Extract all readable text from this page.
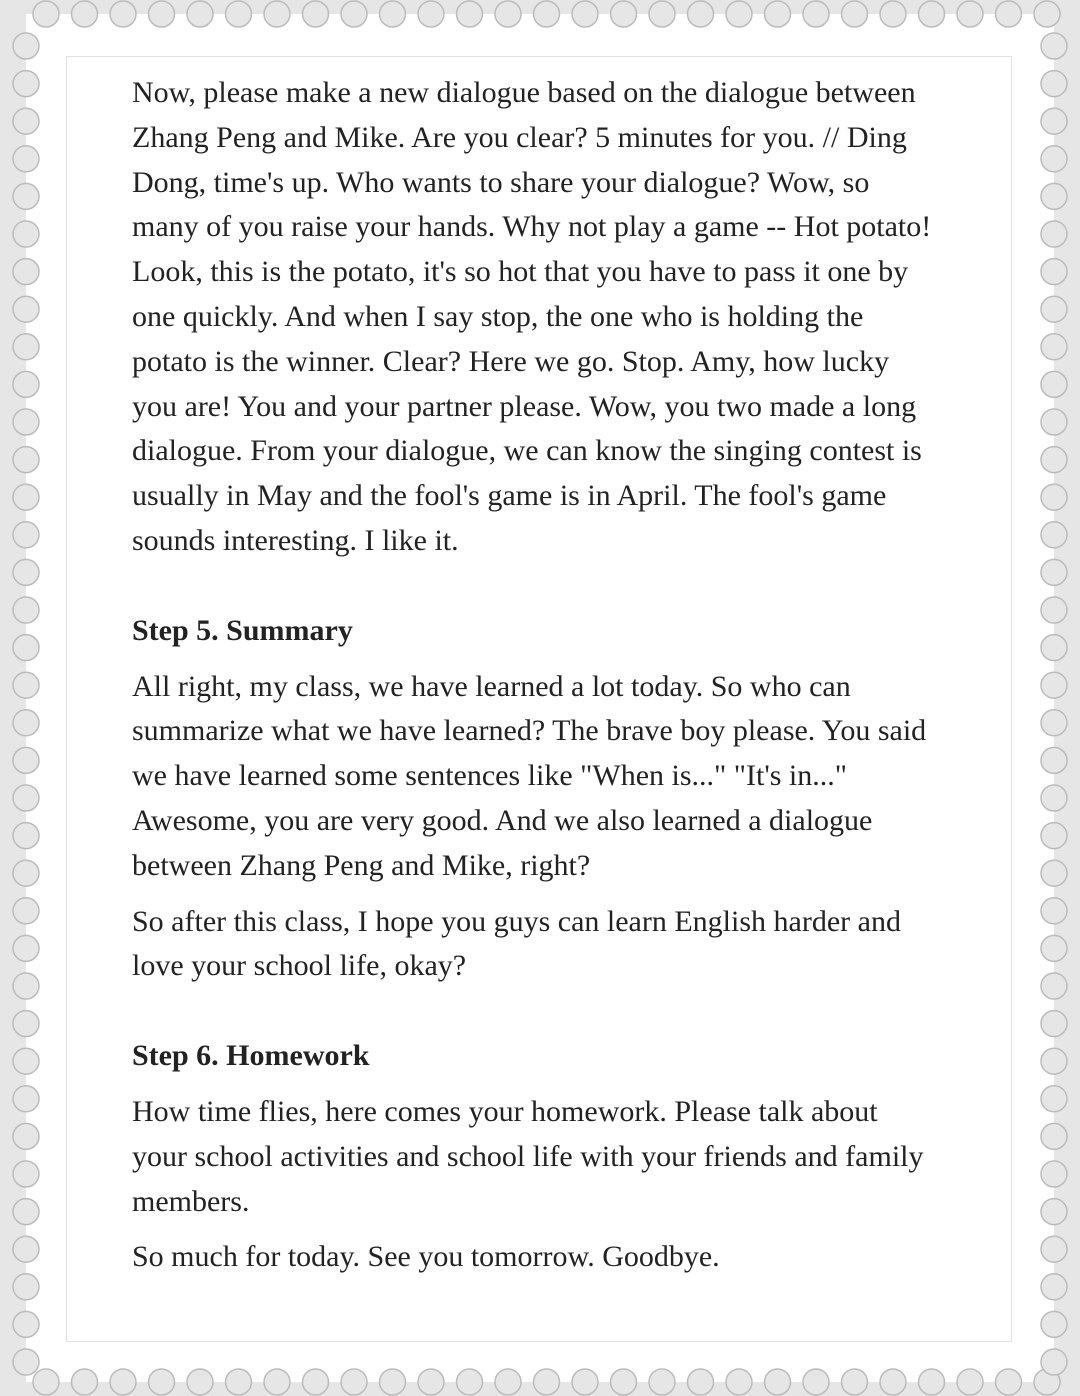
Now, please make a new dialogue based on the dialogue between Zhang Peng and Mike. Are you clear? 5 minutes for you. // Ding Dong, time's up. Who wants to share your dialogue? Wow, so many of you raise your hands. Why not play a game -- Hot potato! Look, this is the potato, it's so hot that you have to pass it one by one quickly. And when I say stop, the one who is holding the potato is the winner. Clear? Here we go. Stop. Amy, how lucky you are! You and your partner please. Wow, you two made a long dialogue. From your dialogue, we can know the singing contest is usually in May and the fool's game is in April. The fool's game sounds interesting. I like it.

Step 5. Summary

All right, my class, we have learned a lot today. So who can summarize what we have learned? The brave boy please. You said we have learned some sentences like "When is..." "It's in..." Awesome, you are very good. And we also learned a dialogue between Zhang Peng and Mike, right?

So after this class, I hope you guys can learn English harder and love your school life, okay?

Step 6. Homework

How time flies, here comes your homework. Please talk about your school activities and school life with your friends and family members.

So much for today. See you tomorrow. Goodbye.
